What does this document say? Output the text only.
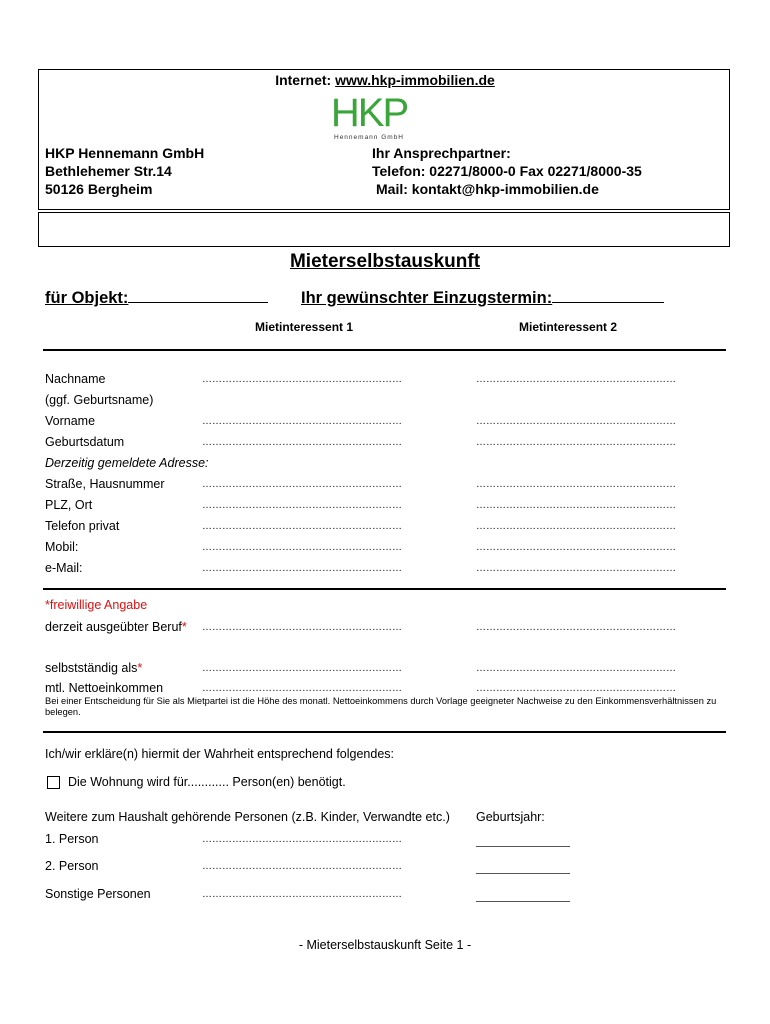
Internet: www.hkp-immobilien.de
HKP
Hennemann GmbH
HKP Hennemann GmbH
Bethlehemer Str.14
50126 Bergheim
Ihr Ansprechpartner:
Telefon: 02271/8000-0 Fax 02271/8000-35
Mail: kontakt@hkp-immobilien.de
Mieterselbstauskunft
für Objekt:	Ihr gewünschter Einzugstermin:
Mietinteressent 1	Mietinteressent 2
Nachname	……………………………………………………	……………………………………………………
(ggf. Geburtsname)
Vorname	……………………………………………………	……………………………………………………
Geburtsdatum	……………………………………………………	……………………………………………………
Derzeitig gemeldete Adresse:
Straße, Hausnummer	……………………………………………………	……………………………………………………
PLZ, Ort	……………………………………………………	……………………………………………………
Telefon privat	……………………………………………………	……………………………………………………
Mobil:	……………………………………………………	……………………………………………………
e-Mail:	……………………………………………………	……………………………………………………
*freiwillige Angabe
derzeit ausgeübter Beruf* ……………………………………………………	……………………………………………………
selbstständig als*	……………………………………………………	……………………………………………………
mtl. Nettoeinkommen	……………………………………………………	……………………………………………………
Bei einer Entscheidung für Sie als Mietpartei ist die Höhe des monatl. Nettoeinkommens durch Vorlage geeigneter Nachweise zu den Einkommensverhältnissen zu belegen.
Ich/wir erkläre(n) hiermit der Wahrheit entsprechend folgendes:
Die Wohnung wird für............ Person(en) benötigt.
Weitere zum Haushalt gehörende Personen (z.B. Kinder, Verwandte etc.) Geburtsjahr:
1. Person	……………………………………………………
2. Person	……………………………………………………
Sonstige Personen	……………………………………………………
- Mieterselbstauskunft Seite 1 -
